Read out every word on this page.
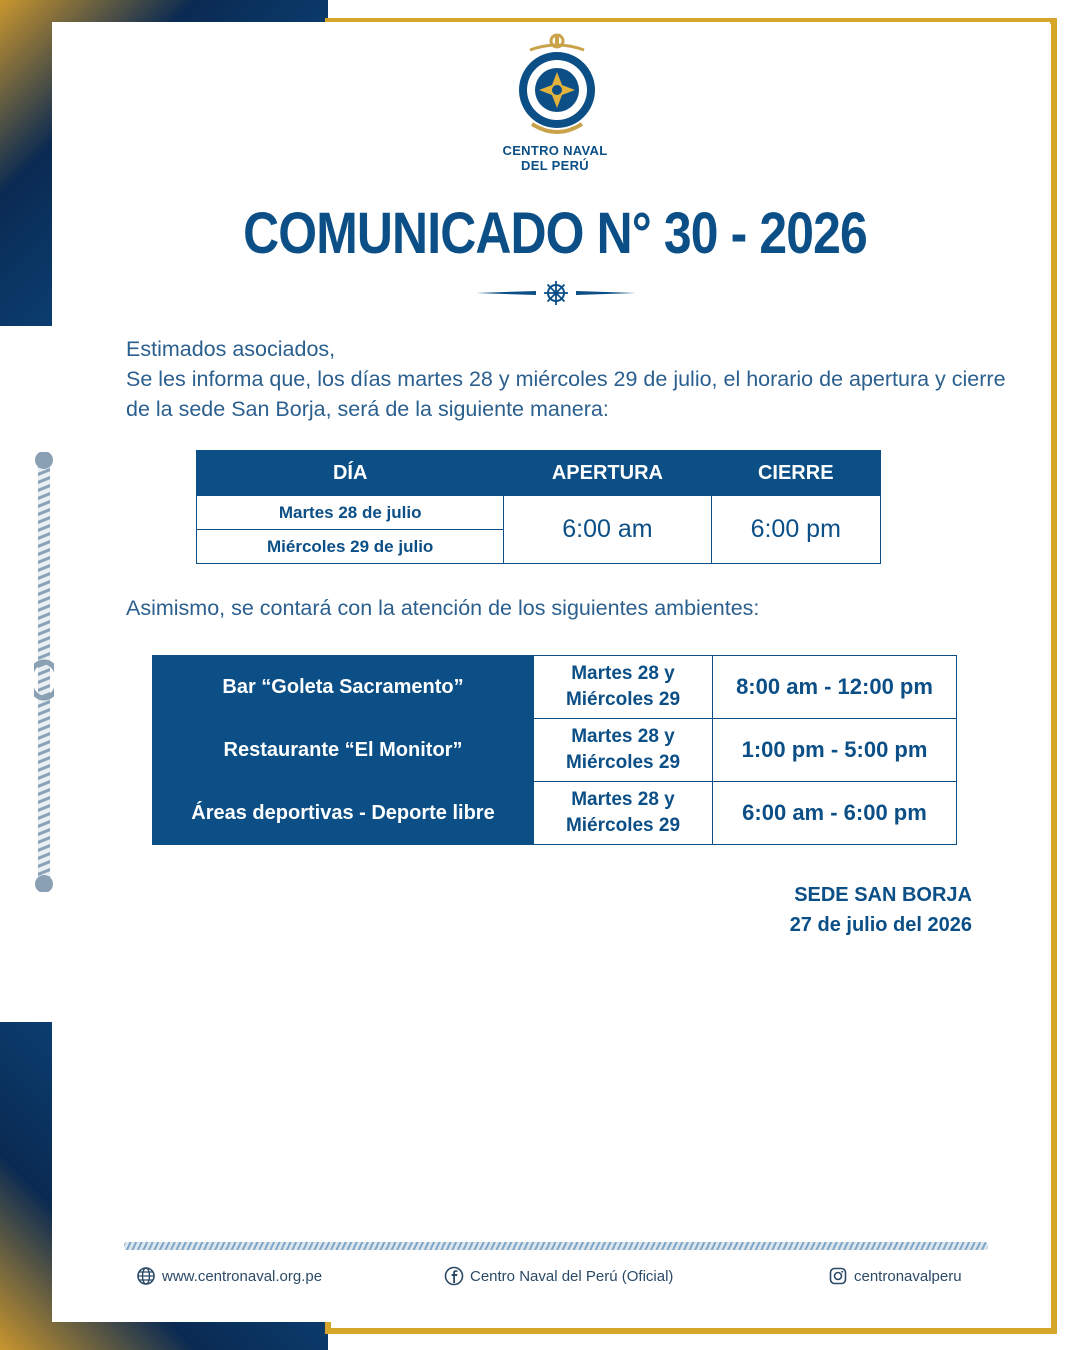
CENTRO NAVAL
DEL PERÚ
COMUNICADO N° 30 - 2026
Estimados asociados,
Se les informa que, los días martes 28 y miércoles 29 de julio, el horario de apertura y cierre de la sede San Borja, será de la siguiente manera:
DÍA	APERTURA	CIERRE
Martes 28 de julio	6:00 am	6:00 pm
Miércoles 29 de julio		
Asimismo, se contará con la atención de los siguientes ambientes:
Bar “Goleta Sacramento”	Martes 28 y
Miércoles 29	8:00 am - 12:00 pm
Restaurante “El Monitor”	Martes 28 y
Miércoles 29	1:00 pm - 5:00 pm
Áreas deportivas - Deporte libre	Martes 28 y
Miércoles 29	6:00 am - 6:00 pm
SEDE SAN BORJA
27 de julio del 2026
www.centronaval.org.pe	Centro Naval del Perú (Oficial)	centronavalperu
